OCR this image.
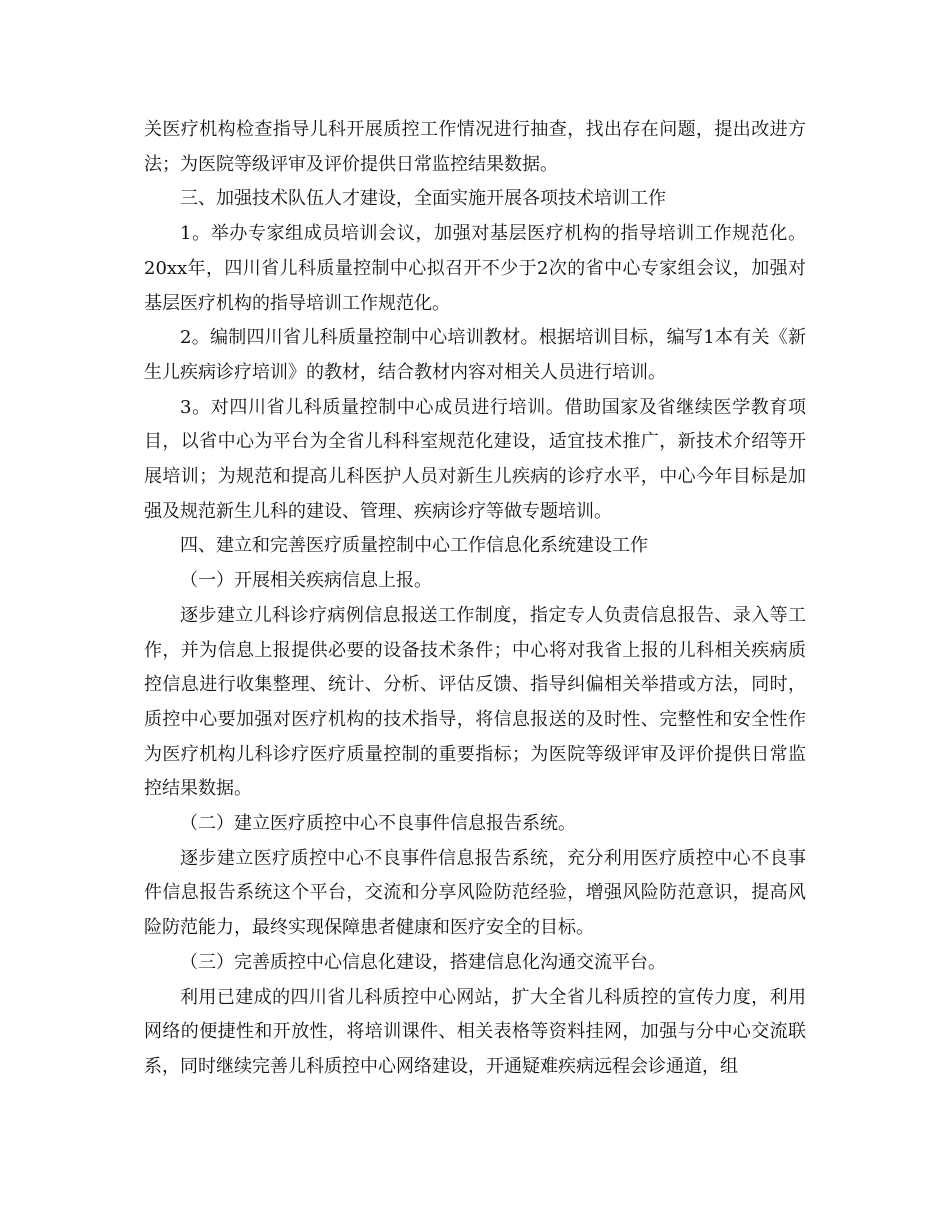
关医疗机构检查指导儿科开展质控工作情况进行抽查，找出存在问题，提出改进方法；为医院等级评审及评价提供日常监控结果数据。

三、加强技术队伍人才建设，全面实施开展各项技术培训工作

1。举办专家组成员培训会议，加强对基层医疗机构的指导培训工作规范化。20xx年，四川省儿科质量控制中心拟召开不少于2次的省中心专家组会议，加强对基层医疗机构的指导培训工作规范化。

2。编制四川省儿科质量控制中心培训教材。根据培训目标，编写1本有关《新生儿疾病诊疗培训》的教材，结合教材内容对相关人员进行培训。

3。对四川省儿科质量控制中心成员进行培训。借助国家及省继续医学教育项目，以省中心为平台为全省儿科科室规范化建设，适宜技术推广，新技术介绍等开展培训；为规范和提高儿科医护人员对新生儿疾病的诊疗水平，中心今年目标是加强及规范新生儿科的建设、管理、疾病诊疗等做专题培训。

四、建立和完善医疗质量控制中心工作信息化系统建设工作

（一）开展相关疾病信息上报。

逐步建立儿科诊疗病例信息报送工作制度，指定专人负责信息报告、录入等工作，并为信息上报提供必要的设备技术条件；中心将对我省上报的儿科相关疾病质控信息进行收集整理、统计、分析、评估反馈、指导纠偏相关举措或方法，同时，质控中心要加强对医疗机构的技术指导，将信息报送的及时性、完整性和安全性作为医疗机构儿科诊疗医疗质量控制的重要指标；为医院等级评审及评价提供日常监控结果数据。

（二）建立医疗质控中心不良事件信息报告系统。

逐步建立医疗质控中心不良事件信息报告系统，充分利用医疗质控中心不良事件信息报告系统这个平台，交流和分享风险防范经验，增强风险防范意识，提高风险防范能力，最终实现保障患者健康和医疗安全的目标。

（三）完善质控中心信息化建设，搭建信息化沟通交流平台。

利用已建成的四川省儿科质控中心网站，扩大全省儿科质控的宣传力度，利用网络的便捷性和开放性，将培训课件、相关表格等资料挂网，加强与分中心交流联系，同时继续完善儿科质控中心网络建设，开通疑难疾病远程会诊通道，组
